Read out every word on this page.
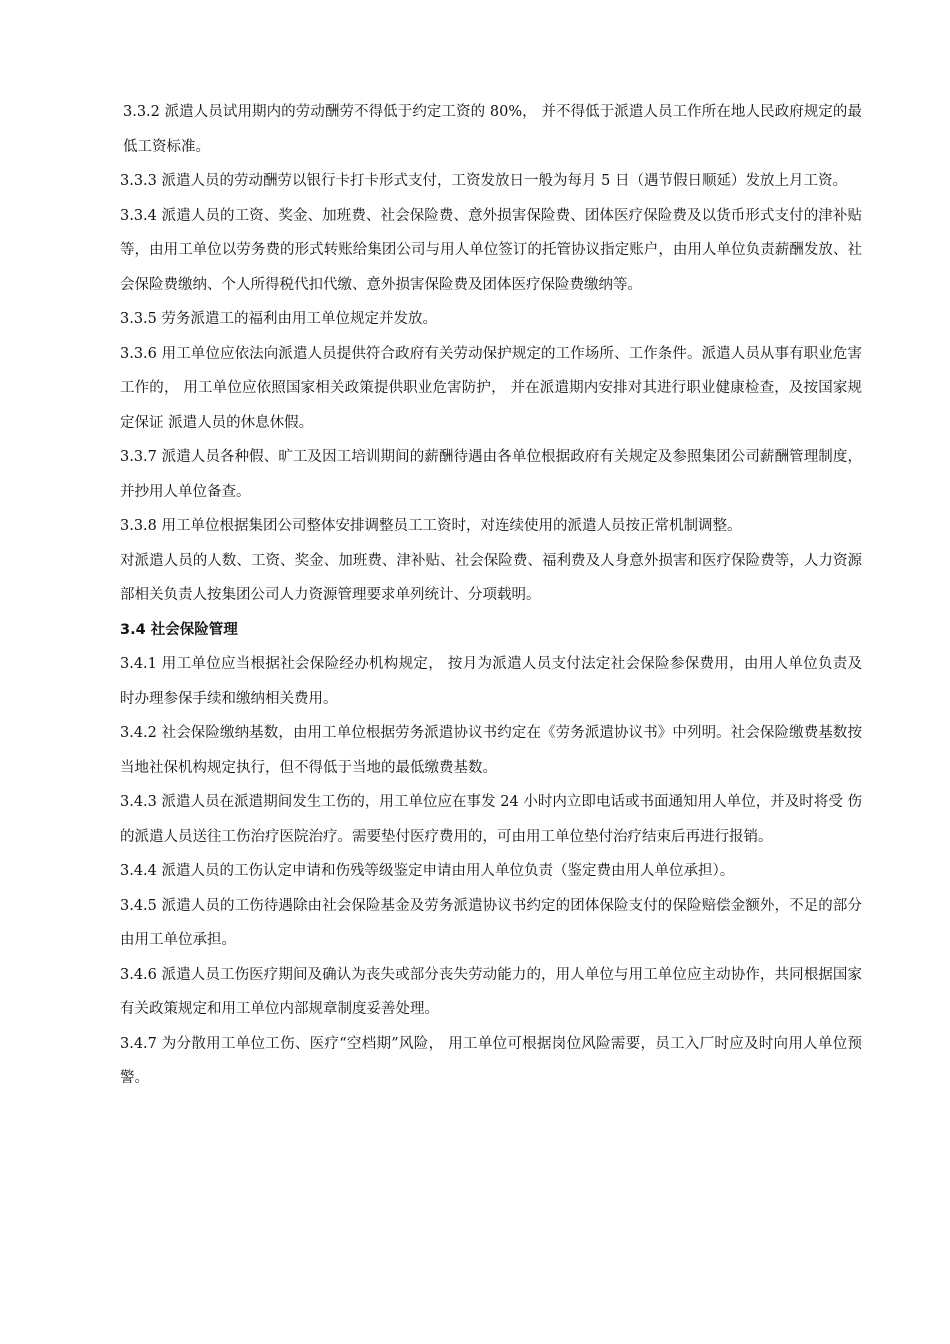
3.3.2 派遣人员试用期内的劳动酬劳不得低于约定工资的 80%， 并不得低于派遣人员工作所在地人民政府规定的最低工资标准。

3.3.3 派遣人员的劳动酬劳以银行卡打卡形式支付，工资发放日一般为每月 5 日（遇节假日顺延）发放上月工资。

3.3.4 派遣人员的工资、奖金、加班费、社会保险费、意外损害保险费、团体医疗保险费及以货币形式支付的津补贴等，由用工单位以劳务费的形式转账给集团公司与用人单位签订的托管协议指定账户，由用人单位负责薪酬发放、社会保险费缴纳、个人所得税代扣代缴、意外损害保险费及团体医疗保险费缴纳等。

3.3.5 劳务派遣工的福利由用工单位规定并发放。

3.3.6 用工单位应依法向派遣人员提供符合政府有关劳动保护规定的工作场所、工作条件。派遣人员从事有职业危害工作的， 用工单位应依照国家相关政策提供职业危害防护， 并在派遣期内安排对其进行职业健康检查，及按国家规定保证 派遣人员的休息休假。

3.3.7 派遣人员各种假、旷工及因工培训期间的薪酬待遇由各单位根据政府有关规定及参照集团公司薪酬管理制度，并抄用人单位备查。

3.3.8 用工单位根据集团公司整体安排调整员工工资时，对连续使用的派遣人员按正常机制调整。

对派遣人员的人数、工资、奖金、加班费、津补贴、社会保险费、福利费及人身意外损害和医疗保险费等，人力资源部相关负责人按集团公司人力资源管理要求单列统计、分项载明。

3.4 社会保险管理

3.4.1 用工单位应当根据社会保险经办机构规定， 按月为派遣人员支付法定社会保险参保费用，由用人单位负责及时办理参保手续和缴纳相关费用。

3.4.2 社会保险缴纳基数，由用工单位根据劳务派遣协议书约定在《劳务派遣协议书》中列明。社会保险缴费基数按当地社保机构规定执行，但不得低于当地的最低缴费基数。

3.4.3 派遣人员在派遣期间发生工伤的，用工单位应在事发 24 小时内立即电话或书面通知用人单位，并及时将受 伤的派遣人员送往工伤治疗医院治疗。需要垫付医疗费用的，可由用工单位垫付治疗结束后再进行报销。

3.4.4 派遣人员的工伤认定申请和伤残等级鉴定申请由用人单位负责（鉴定费由用人单位承担）。

3.4.5 派遣人员的工伤待遇除由社会保险基金及劳务派遣协议书约定的团体保险支付的保险赔偿金额外，不足的部分由用工单位承担。

3.4.6 派遣人员工伤医疗期间及确认为丧失或部分丧失劳动能力的，用人单位与用工单位应主动协作，共同根据国家有关政策规定和用工单位内部规章制度妥善处理。

3.4.7 为分散用工单位工伤、医疗“空档期”风险， 用工单位可根据岗位风险需要，员工入厂时应及时向用人单位预警。
